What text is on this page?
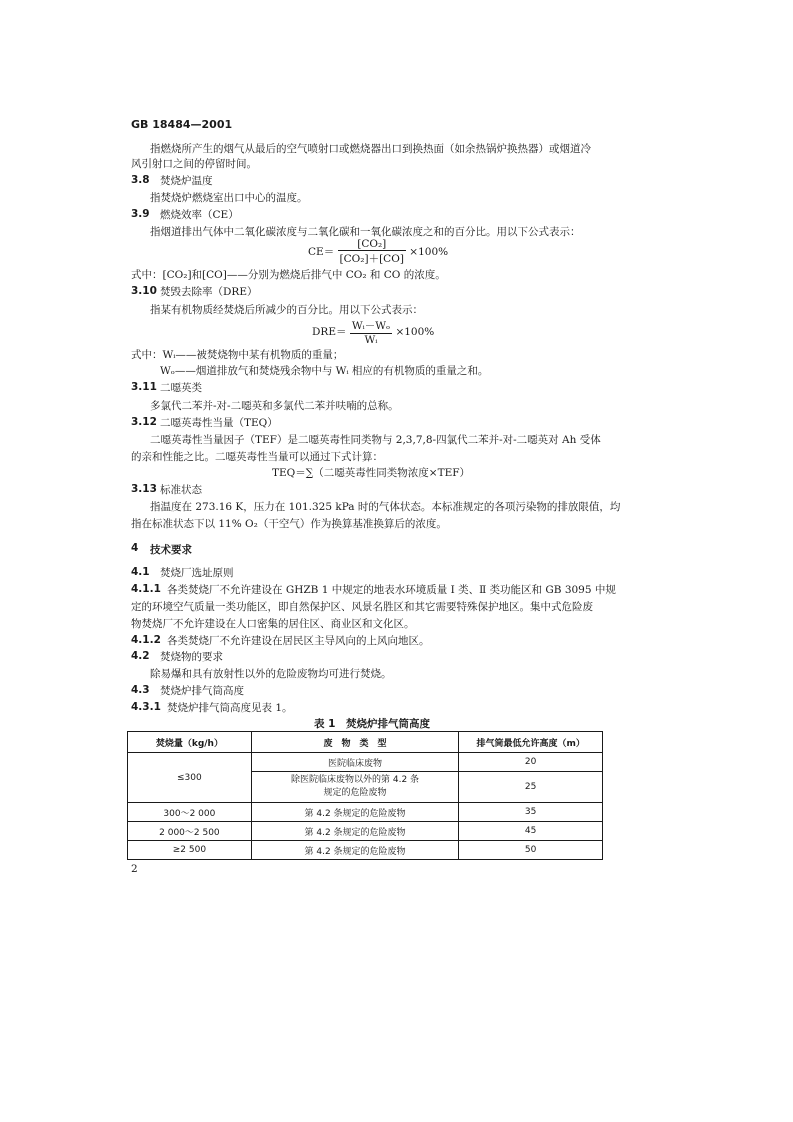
GB 18484—2001
指燃烧所产生的烟气从最后的空气喷射口或燃烧器出口到换热面（如余热锅炉换热器）或烟道冷
风引射口之间的停留时间。
3.8 焚烧炉温度
指焚烧炉燃烧室出口中心的温度。
3.9 燃烧效率（CE）
指烟道排出气体中二氧化碳浓度与二氧化碳和一氧化碳浓度之和的百分比。用以下公式表示：
$CE= \frac{\text{[CO₂]}}{\text{[CO₂]＋[CO]}} \times 100\%$
式中：[CO₂]和[CO]——分别为燃烧后排气中 CO₂ 和 CO 的浓度。
3.10 焚毁去除率（DRE）
指某有机物质经焚烧后所减少的百分比。用以下公式表示：
$DRE= \frac{\text{Wᵢ－Wₒ}}{\text{Wᵢ}} \times 100\%$
式中：Wᵢ——被焚烧物中某有机物质的重量；
Wₒ——烟道排放气和焚烧残余物中与 Wᵢ 相应的有机物质的重量之和。
3.11 二噁英类
多氯代二苯并-对-二噁英和多氯代二苯并呋喃的总称。
3.12 二噁英毒性当量（TEQ）
二噁英毒性当量因子（TEF）是二噁英毒性同类物与 2,3,7,8-四氯代二苯并-对-二噁英对 Ah 受体
的亲和性能之比。二噁英毒性当量可以通过下式计算：
TEQ＝∑（二噁英毒性同类物浓度×TEF）
3.13 标准状态
指温度在 273.16 K，压力在 101.325 kPa 时的气体状态。本标准规定的各项污染物的排放限值，均
指在标准状态下以 11% O₂（干空气）作为换算基准换算后的浓度。
4 技术要求
4.1 焚烧厂选址原则
4.1.1 各类焚烧厂不允许建设在 GHZB 1 中规定的地表水环境质量 Ⅰ 类、Ⅱ 类功能区和 GB 3095 中规
定的环境空气质量一类功能区，即自然保护区、风景名胜区和其它需要特殊保护地区。集中式危险废
物焚烧厂不允许建设在人口密集的居住区、商业区和文化区。
4.1.2 各类焚烧厂不允许建设在居民区主导风向的上风向地区。
4.2 焚烧物的要求
除易爆和具有放射性以外的危险废物均可进行焚烧。
4.3 焚烧炉排气筒高度
4.3.1 焚烧炉排气筒高度见表 1。
表 1　焚烧炉排气筒高度
焚烧量（kg/h）	废　物　类　型	排气筒最低允许高度（m）
≤300	医院临床废物	20

	除医院临床废物以外的第 4.2 条
规定的危险废物	25
300～2 000	第 4.2 条规定的危险废物	35
2 000～2 500	第 4.2 条规定的危险废物	45
≥2 500	第 4.2 条规定的危险废物	50
2
